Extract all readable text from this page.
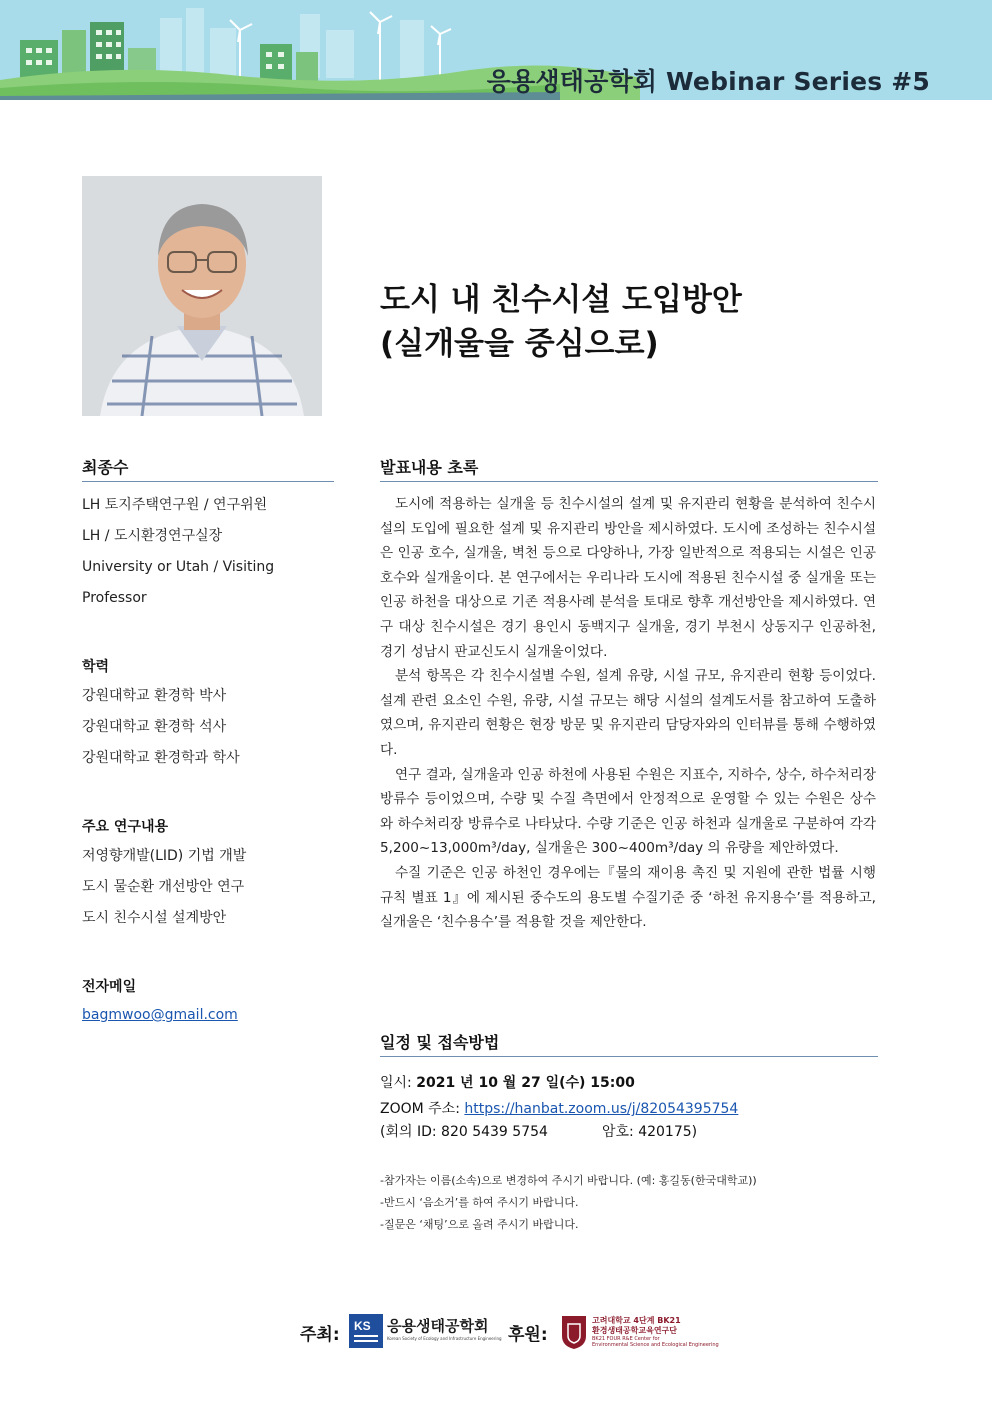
응용생태공학회 Webinar Series #5
도시 내 친수시설 도입방안
(실개울을 중심으로)
최종수
LH 토지주택연구원 / 연구위원
LH / 도시환경연구실장
University or Utah / Visiting
Professor
학력
강원대학교 환경학 박사
강원대학교 환경학 석사
강원대학교 환경학과 학사
주요 연구내용
저영향개발(LID) 기법 개발
도시 물순환 개선방안 연구
도시 친수시설 설계방안
전자메일
bagmwoo@gmail.com
발표내용 초록

도시에 적용하는 실개울 등 친수시설의 설계 및 유지관리 현황을 분석하여 친수시설의 도입에 필요한 설계 및 유지관리 방안을 제시하였다. 도시에 조성하는 친수시설은 인공 호수, 실개울, 벽천 등으로 다양하나, 가장 일반적으로 적용되는 시설은 인공 호수와 실개울이다. 본 연구에서는 우리나라 도시에 적용된 친수시설 중 실개울 또는 인공 하천을 대상으로 기존 적용사례 분석을 토대로 향후 개선방안을 제시하였다. 연구 대상 친수시설은 경기 용인시 동백지구 실개울, 경기 부천시 상동지구 인공하천, 경기 성남시 판교신도시 실개울이었다.

분석 항목은 각 친수시설별 수원, 설계 유량, 시설 규모, 유지관리 현황 등이었다. 설계 관련 요소인 수원, 유량, 시설 규모는 해당 시설의 설계도서를 참고하여 도출하였으며, 유지관리 현황은 현장 방문 및 유지관리 담당자와의 인터뷰를 통해 수행하였다.

연구 결과, 실개울과 인공 하천에 사용된 수원은 지표수, 지하수, 상수, 하수처리장 방류수 등이었으며, 수량 및 수질 측면에서 안정적으로 운영할 수 있는 수원은 상수와 하수처리장 방류수로 나타났다. 수량 기준은 인공 하천과 실개울로 구분하여 각각 5,200~13,000m³/day, 실개울은 300~400m³/day 의 유량을 제안하였다.

수질 기준은 인공 하천인 경우에는『물의 재이용 촉진 및 지원에 관한 법률 시행규칙 별표 1』에 제시된 중수도의 용도별 수질기준 중 ‘하천 유지용수’를 적용하고, 실개울은 ‘친수용수’를 적용할 것을 제안한다.

일정 및 접속방법
일시: 2021 년 10 월 27 일(수) 15:00
ZOOM 주소: https://hanbat.zoom.us/j/82054395754
(회의 ID: 820 5439 5754	암호: 420175)
-참가자는 이름(소속)으로 변경하여 주시기 바랍니다. (예: 홍길동(한국대학교))
-반드시 ‘음소거’를 하여 주시기 바랍니다.
-질문은 ‘채팅’으로 올려 주시기 바랍니다.
주최: KS 응용생태공학회
Korean Society of Ecology and Infrastructure Engineering 후원:
고려대학교 4단계 BK21
환경생태공학교육연구단
BK21 FOUR R&E Center for
Environmental Science and Ecological Engineering
